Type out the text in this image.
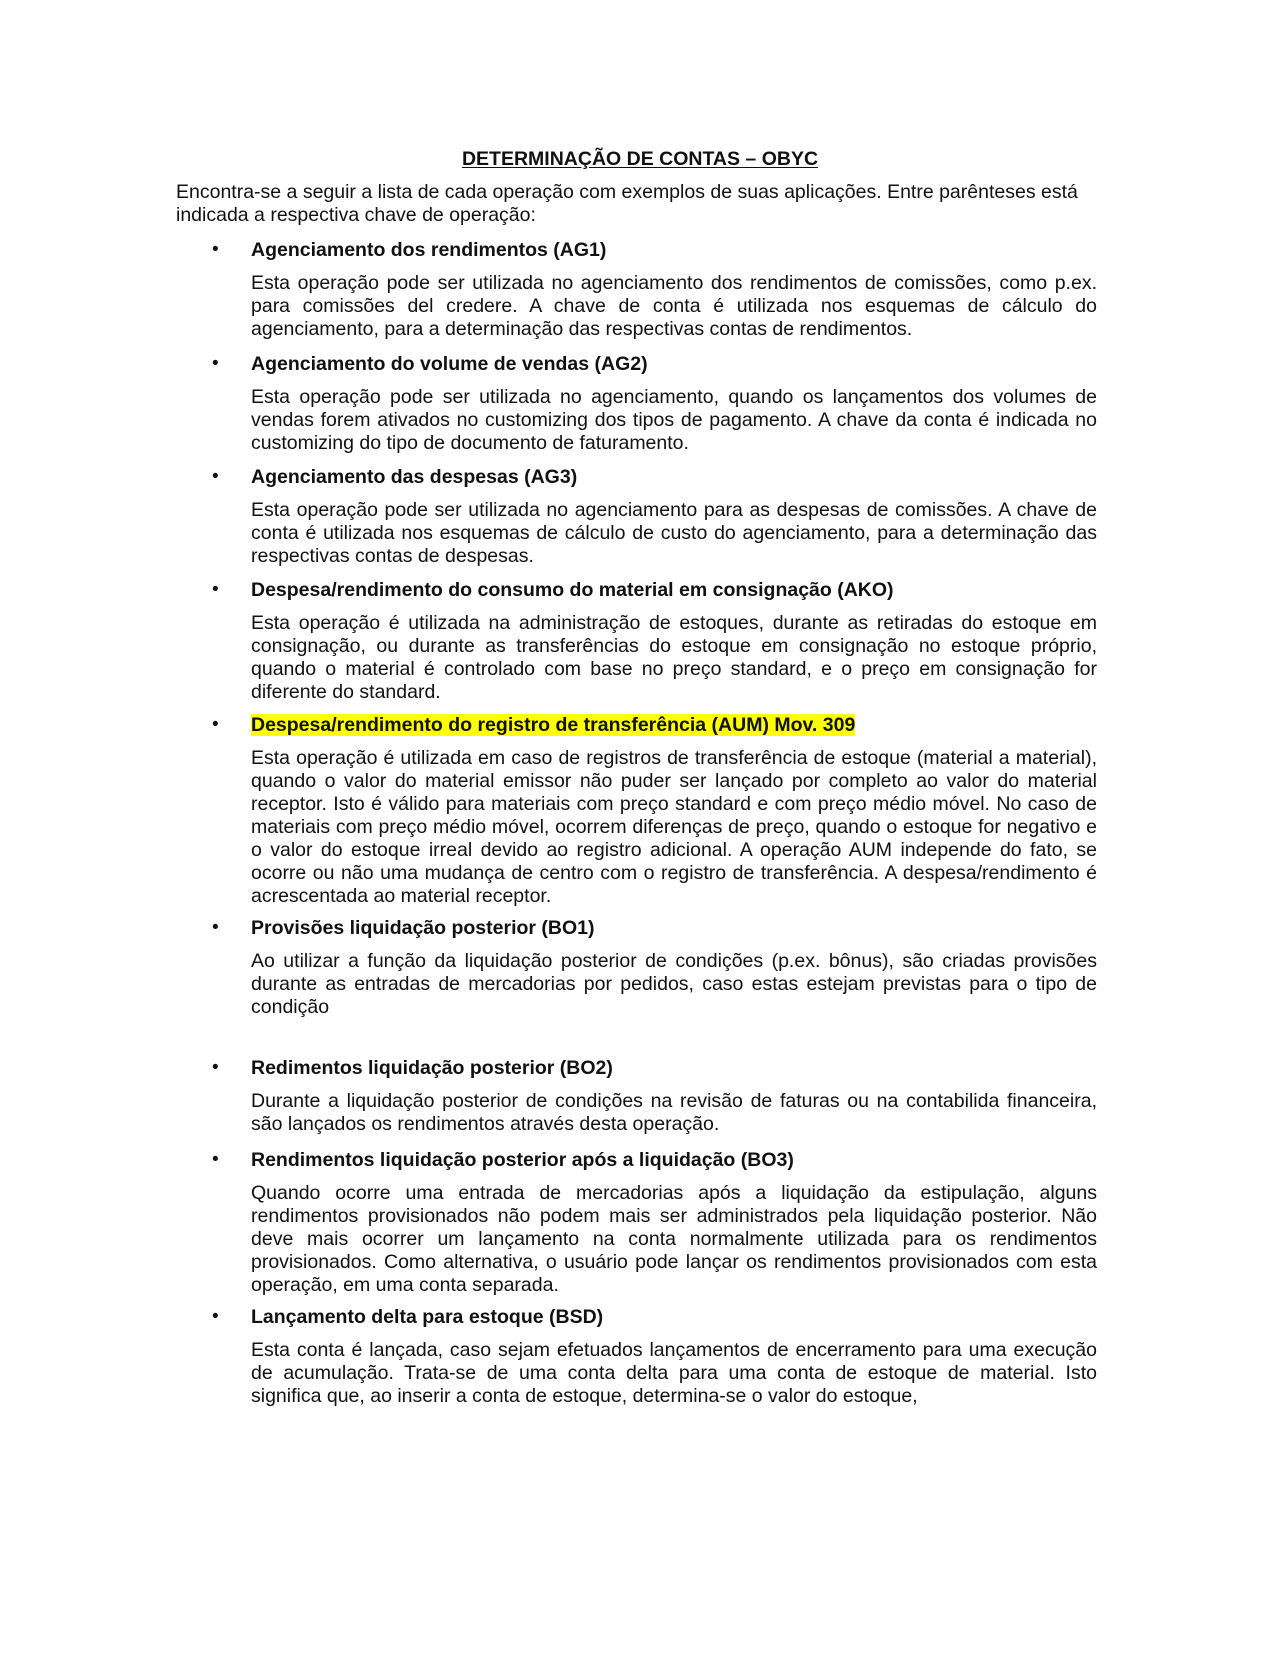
DETERMINAÇÃO DE CONTAS – OBYC
Encontra-se a seguir a lista de cada operação com exemplos de suas aplicações. Entre parênteses está indicada a respectiva chave de operação:
• Agenciamento dos rendimentos (AG1)
Esta operação pode ser utilizada no agenciamento dos rendimentos de comissões, como p.ex. para comissões del credere. A chave de conta é utilizada nos esquemas de cálculo do agenciamento, para a determinação das respectivas contas de rendimentos.
• Agenciamento do volume de vendas (AG2)
Esta operação pode ser utilizada no agenciamento, quando os lançamentos dos volumes de vendas forem ativados no customizing dos tipos de pagamento. A chave da conta é indicada no customizing do tipo de documento de faturamento.
• Agenciamento das despesas (AG3)
Esta operação pode ser utilizada no agenciamento para as despesas de comissões. A chave de conta é utilizada nos esquemas de cálculo de custo do agenciamento, para a determinação das respectivas contas de despesas.
• Despesa/rendimento do consumo do material em consignação (AKO)
Esta operação é utilizada na administração de estoques, durante as retiradas do estoque em consignação, ou durante as transferências do estoque em consignação no estoque próprio, quando o material é controlado com base no preço standard, e o preço em consignação for diferente do standard.
• Despesa/rendimento do registro de transferência (AUM) Mov. 309
Esta operação é utilizada em caso de registros de transferência de estoque (material a material), quando o valor do material emissor não puder ser lançado por completo ao valor do material receptor. Isto é válido para materiais com preço standard e com preço médio móvel. No caso de materiais com preço médio móvel, ocorrem diferenças de preço, quando o estoque for negativo e o valor do estoque irreal devido ao registro adicional. A operação AUM independe do fato, se ocorre ou não uma mudança de centro com o registro de transferência. A despesa/rendimento é acrescentada ao material receptor.
• Provisões liquidação posterior (BO1)
Ao utilizar a função da liquidação posterior de condições (p.ex. bônus), são criadas provisões durante as entradas de mercadorias por pedidos, caso estas estejam previstas para o tipo de condição
• Redimentos liquidação posterior (BO2)
Durante a liquidação posterior de condições na revisão de faturas ou na contabilida financeira, são lançados os rendimentos através desta operação.
• Rendimentos liquidação posterior após a liquidação (BO3)
Quando ocorre uma entrada de mercadorias após a liquidação da estipulação, alguns rendimentos provisionados não podem mais ser administrados pela liquidação posterior. Não deve mais ocorrer um lançamento na conta normalmente utilizada para os rendimentos provisionados. Como alternativa, o usuário pode lançar os rendimentos provisionados com esta operação, em uma conta separada.
• Lançamento delta para estoque (BSD)
Esta conta é lançada, caso sejam efetuados lançamentos de encerramento para uma execução de acumulação. Trata-se de uma conta delta para uma conta de estoque de material. Isto significa que, ao inserir a conta de estoque, determina-se o valor do estoque,
